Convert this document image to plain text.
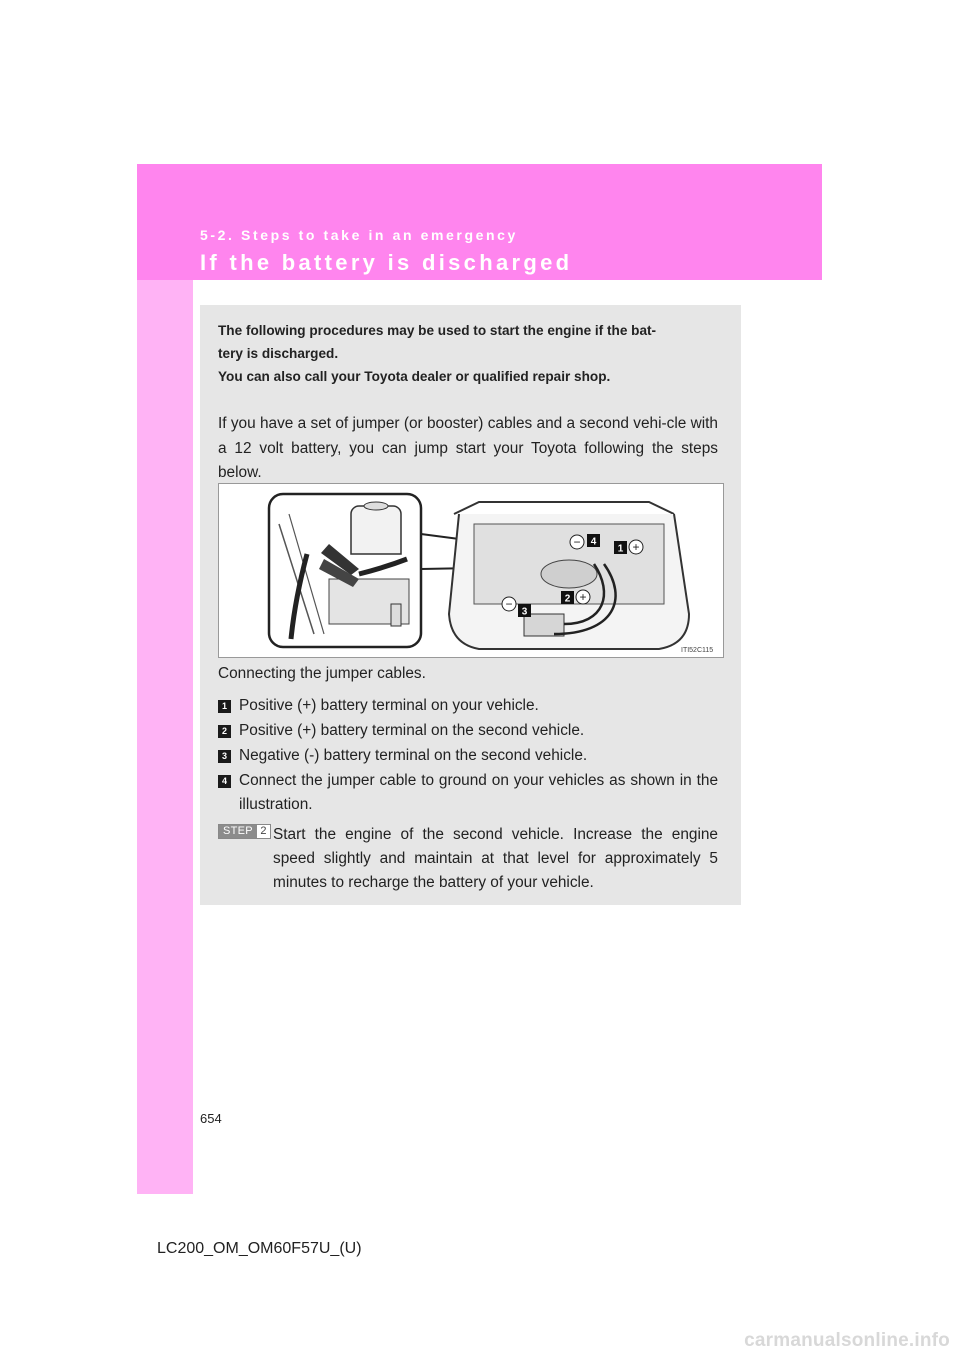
5-2. Steps to take in an emergency
If the battery is discharged
The following procedures may be used to start the engine if the bat-
tery is discharged.
You can also call your Toyota dealer or qualified repair shop.
If you have a set of jumper (or booster) cables and a second vehi-cle with a 12 volt battery, you can jump start your Toyota following the steps below.
− 4
1 +
2 +
−
3
ITI52C115
Connecting the jumper cables.
1 Positive (+) battery terminal on your vehicle.
2 Positive (+) battery terminal on the second vehicle.
3 Negative (-) battery terminal on the second vehicle.
4 Connect the jumper cable to ground on your vehicles as shown in the illustration.
STEP 2 Start the engine of the second vehicle. Increase the engine speed slightly and maintain at that level for approximately 5 minutes to recharge the battery of your vehicle.
654
LC200_OM_OM60F57U_(U)
carmanualsonline.info
